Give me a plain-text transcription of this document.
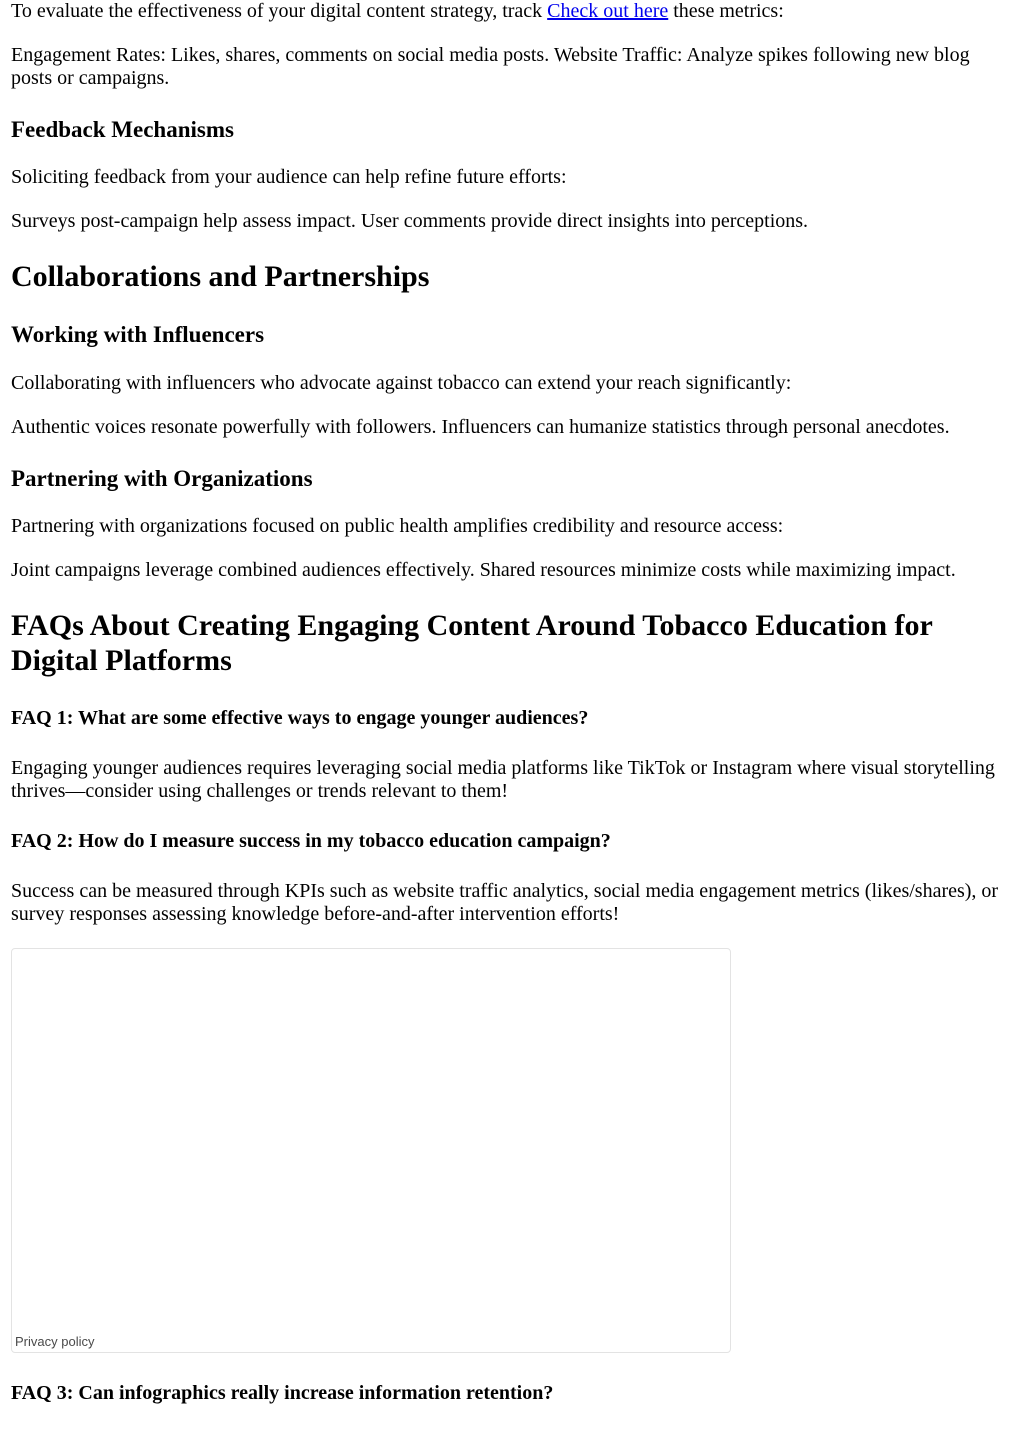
To evaluate the effectiveness of your digital content strategy, track Check out here these metrics:

Engagement Rates: Likes, shares, comments on social media posts. Website Traffic: Analyze spikes following new blog posts or campaigns.

Feedback Mechanisms

Soliciting feedback from your audience can help refine future efforts:

Surveys post-campaign help assess impact. User comments provide direct insights into perceptions.

Collaborations and Partnerships
Working with Influencers

Collaborating with influencers who advocate against tobacco can extend your reach significantly:

Authentic voices resonate powerfully with followers. Influencers can humanize statistics through personal anecdotes.

Partnering with Organizations

Partnering with organizations focused on public health amplifies credibility and resource access:

Joint campaigns leverage combined audiences effectively. Shared resources minimize costs while maximizing impact.

FAQs About Creating Engaging Content Around Tobacco Education for Digital Platforms
FAQ 1: What are some effective ways to engage younger audiences?

Engaging younger audiences requires leveraging social media platforms like TikTok or Instagram where visual storytelling thrives—consider using challenges or trends relevant to them!

FAQ 2: How do I measure success in my tobacco education campaign?

Success can be measured through KPIs such as website traffic analytics, social media engagement metrics (likes/shares), or survey responses assessing knowledge before-and-after intervention efforts!

FAQ 3: Can infographics really increase information retention?
Privacy policy
